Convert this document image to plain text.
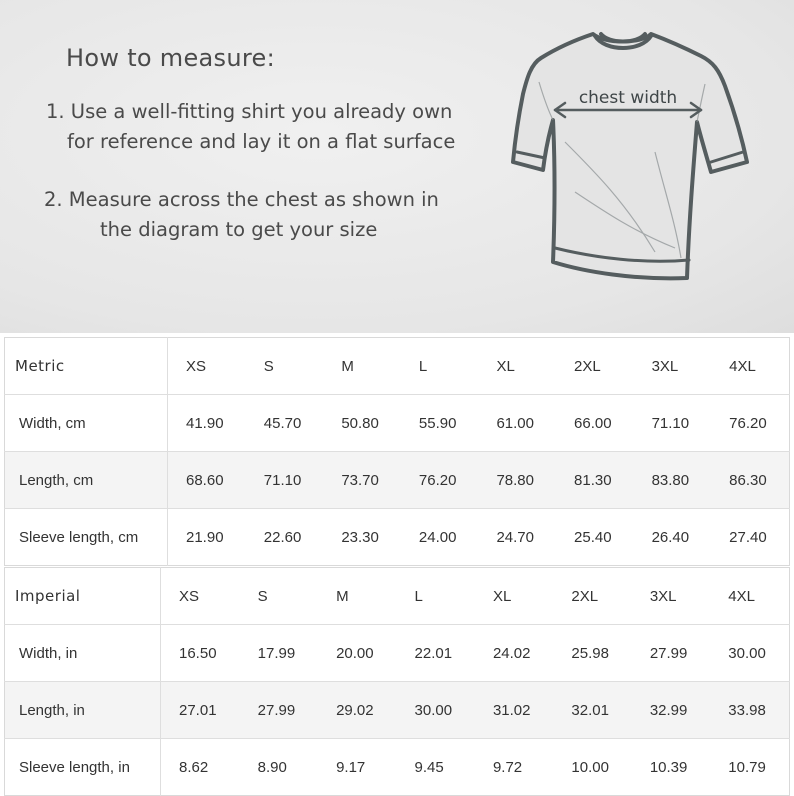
How to measure:
1. Use a well-fitting shirt you already own
for reference and lay it on a flat surface
2. Measure across the chest as shown in
the diagram to get your size
chest width
Metric	XS	S	M	L	XL	2XL	3XL	4XL
Width, cm	41.90	45.70	50.80	55.90	61.00	66.00	71.10	76.20
Length, cm	68.60	71.10	73.70	76.20	78.80	81.30	83.80	86.30
Sleeve length, cm	21.90	22.60	23.30	24.00	24.70	25.40	26.40	27.40
Imperial	XS	S	M	L	XL	2XL	3XL	4XL
Width, in	16.50	17.99	20.00	22.01	24.02	25.98	27.99	30.00
Length, in	27.01	27.99	29.02	30.00	31.02	32.01	32.99	33.98
Sleeve length, in	8.62	8.90	9.17	9.45	9.72	10.00	10.39	10.79
